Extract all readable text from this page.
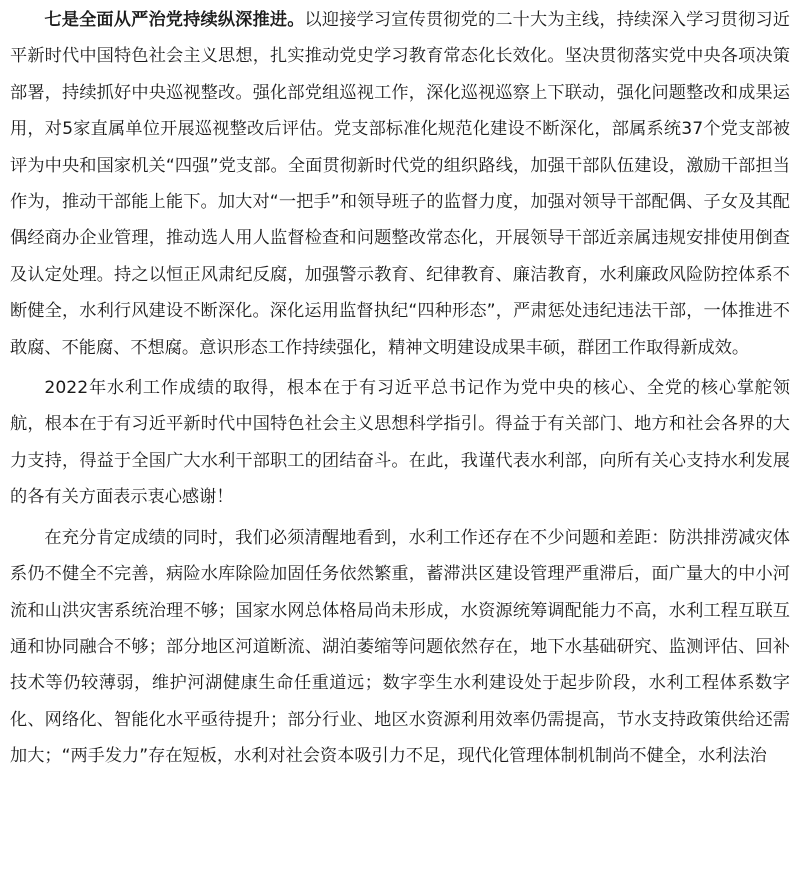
七是全面从严治党持续纵深推进。以迎接学习宣传贯彻党的二十大为主线，持续深入学习贯彻习近平新时代中国特色社会主义思想，扎实推动党史学习教育常态化长效化。坚决贯彻落实党中央各项决策部署，持续抓好中央巡视整改。强化部党组巡视工作，深化巡视巡察上下联动，强化问题整改和成果运用，对5家直属单位开展巡视整改后评估。党支部标准化规范化建设不断深化，部属系统37个党支部被评为中央和国家机关“四强”党支部。全面贯彻新时代党的组织路线，加强干部队伍建设，激励干部担当作为，推动干部能上能下。加大对“一把手”和领导班子的监督力度，加强对领导干部配偶、子女及其配偶经商办企业管理，推动选人用人监督检查和问题整改常态化，开展领导干部近亲属违规安排使用倒查及认定处理。持之以恒正风肃纪反腐，加强警示教育、纪律教育、廉洁教育，水利廉政风险防控体系不断健全，水利行风建设不断深化。深化运用监督执纪“四种形态”，严肃惩处违纪违法干部，一体推进不敢腐、不能腐、不想腐。意识形态工作持续强化，精神文明建设成果丰硕，群团工作取得新成效。

2022年水利工作成绩的取得，根本在于有习近平总书记作为党中央的核心、全党的核心掌舵领航，根本在于有习近平新时代中国特色社会主义思想科学指引。得益于有关部门、地方和社会各界的大力支持，得益于全国广大水利干部职工的团结奋斗。在此，我谨代表水利部，向所有关心支持水利发展的各有关方面表示衷心感谢！

在充分肯定成绩的同时，我们必须清醒地看到，水利工作还存在不少问题和差距：防洪排涝减灾体系仍不健全不完善，病险水库除险加固任务依然繁重，蓄滞洪区建设管理严重滞后，面广量大的中小河流和山洪灾害系统治理不够；国家水网总体格局尚未形成，水资源统筹调配能力不高，水利工程互联互通和协同融合不够；部分地区河道断流、湖泊萎缩等问题依然存在，地下水基础研究、监测评估、回补技术等仍较薄弱，维护河湖健康生命任重道远；数字孪生水利建设处于起步阶段，水利工程体系数字化、网络化、智能化水平亟待提升；部分行业、地区水资源利用效率仍需提高，节水支持政策供给还需加大；“两手发力”存在短板，水利对社会资本吸引力不足，现代化管理体制机制尚不健全，水利法治
